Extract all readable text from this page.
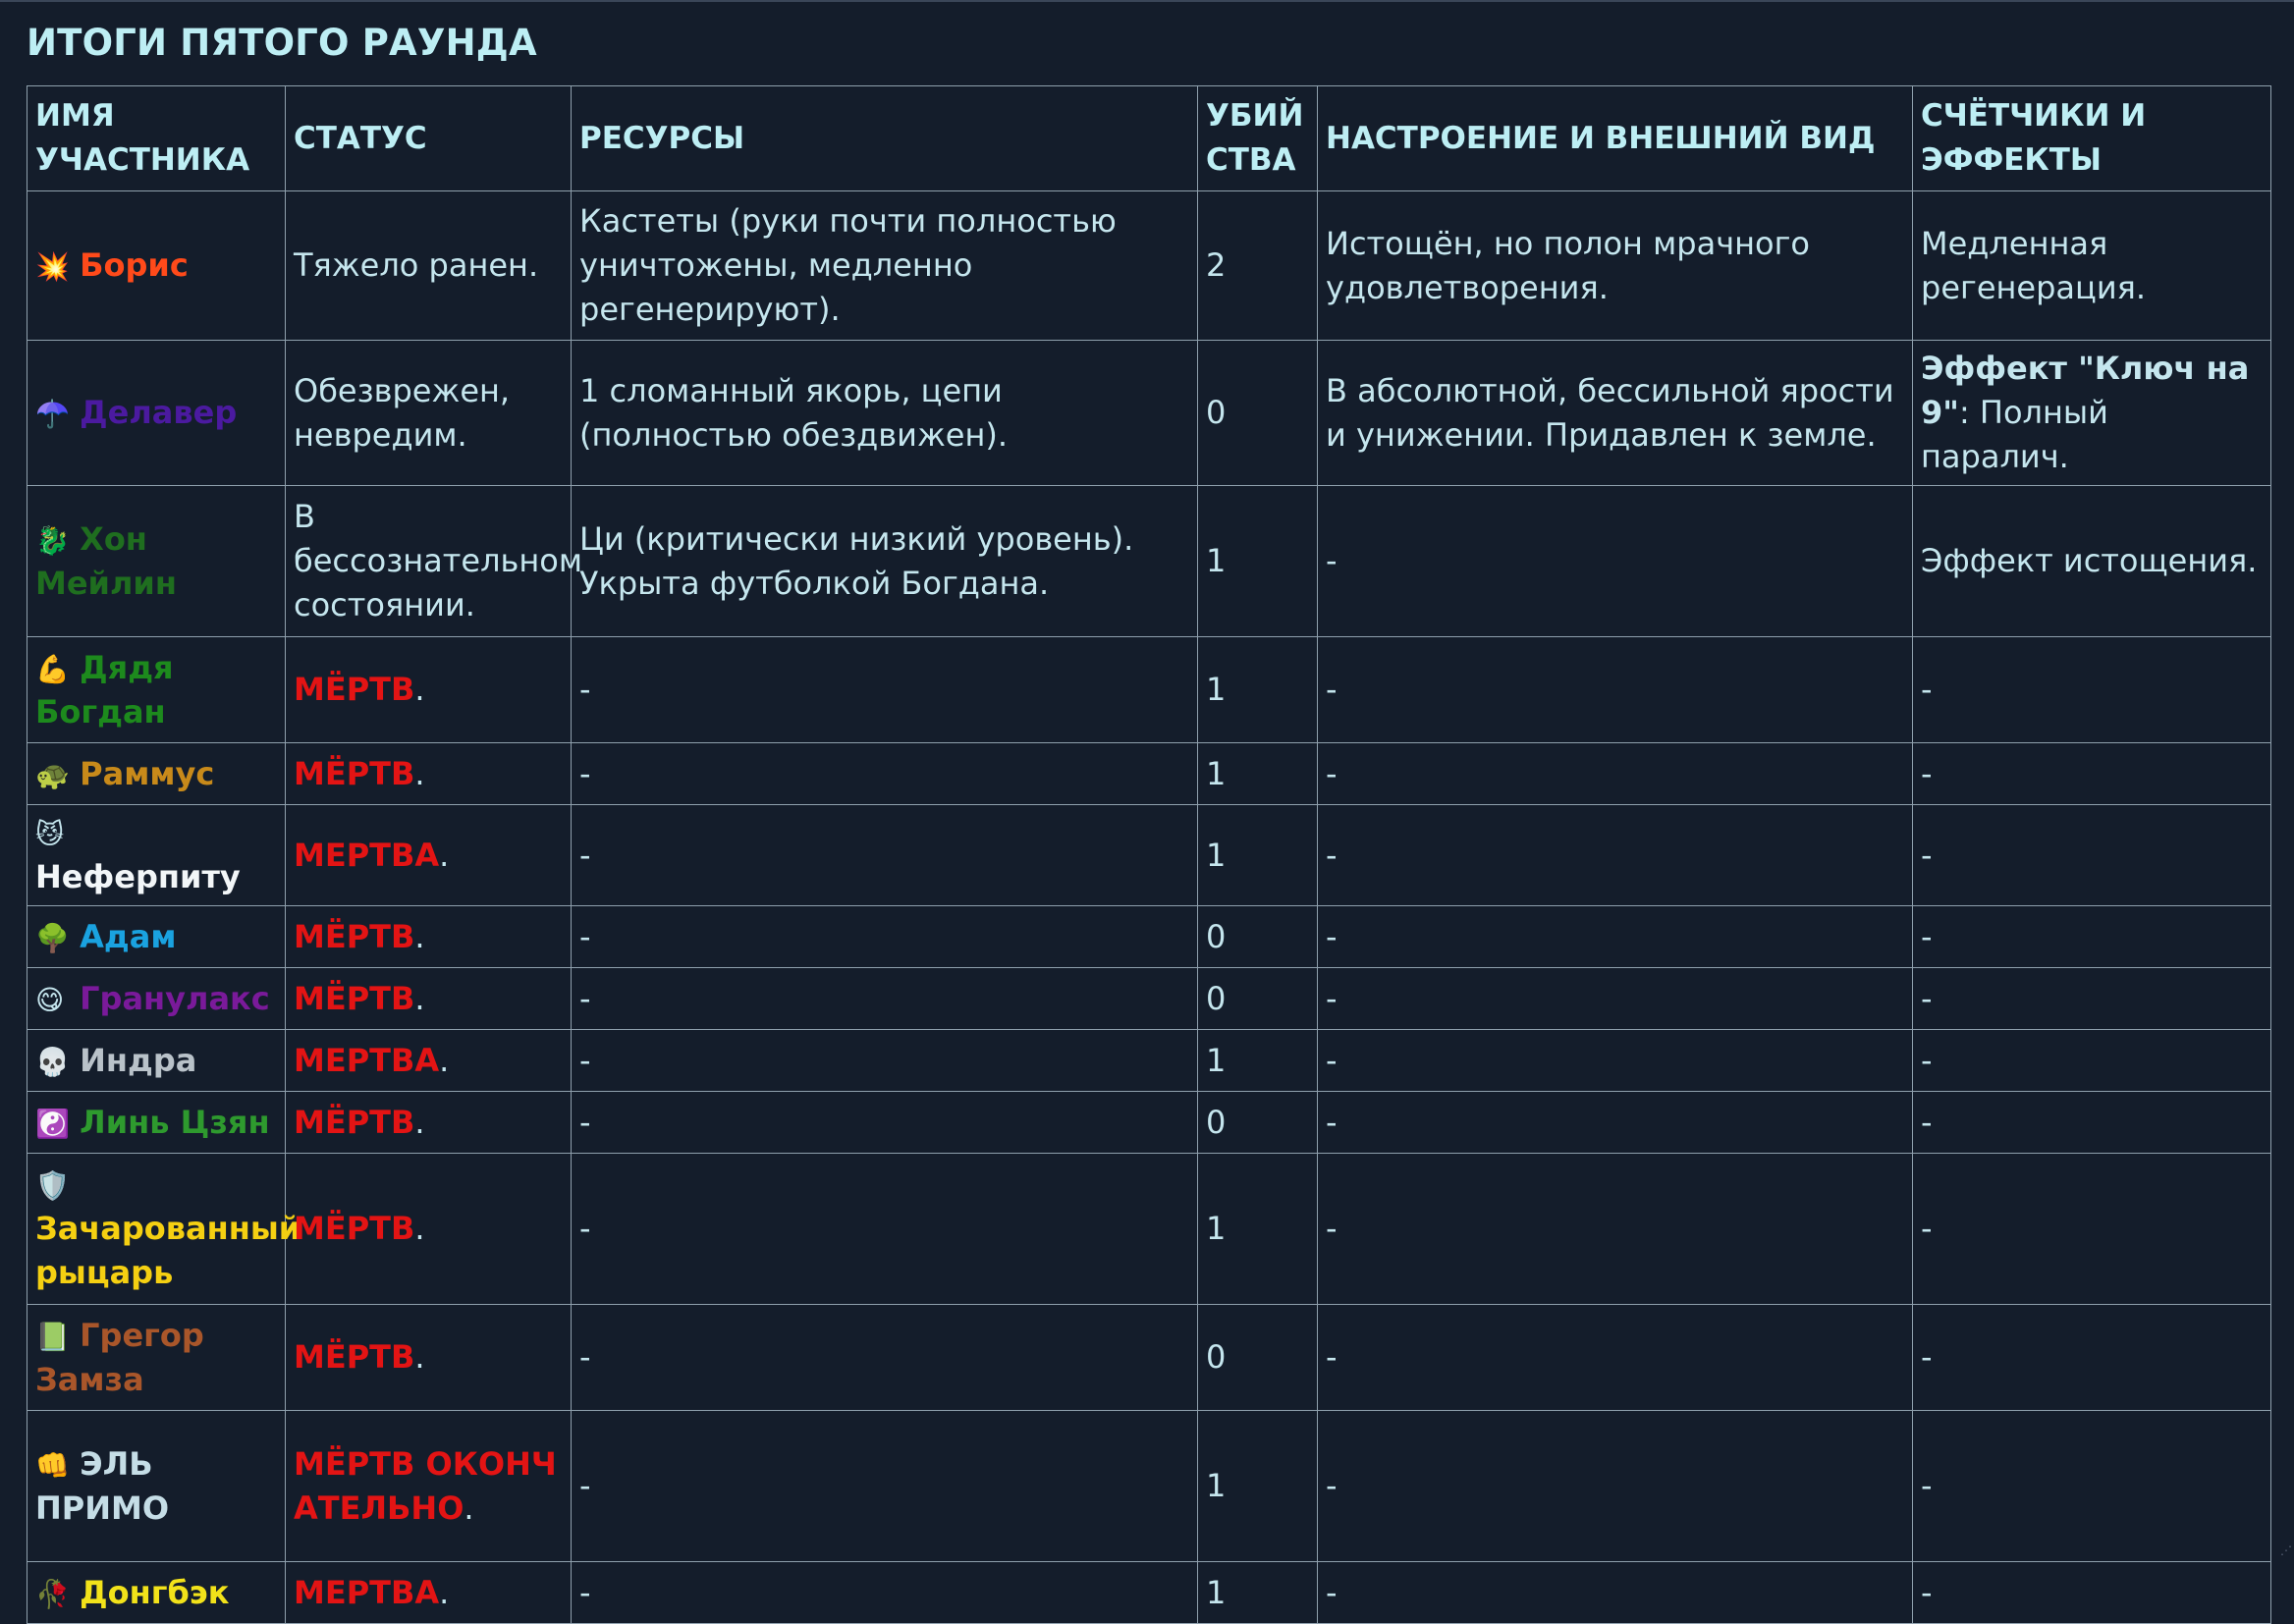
ИТОГИ ПЯТОГО РАУНДА
ИМЯ УЧАСТНИКА	СТАТУС	РЕСУРСЫ	УБИЙСТВА	НАСТРОЕНИЕ И ВНЕШНИЙ ВИД	СЧЁТЧИКИ И ЭФФЕКТЫ
💥 Борис	Тяжело ранен.	Кастеты (руки почти полностью уничтожены, медленно регенерируют).	2	Истощён, но полон мрачного удовлетворения.	Медленная регенерация.
☂️ Делавер	Обезврежен, невредим.	1 сломанный якорь, цепи (полностью обездвижен).	0	В абсолютной, бессильной ярости и унижении. Придавлен к земле.	Эффект "Ключ на 9": Полный паралич.
🐉 Хон Мейлин	В бессознательном состоянии.	Ци (критически низкий уровень). Укрыта футболкой Богдана.	1	-	Эффект истощения.
💪 Дядя Богдан	МЁРТВ.	-	1	-	-
🐢 Раммус	МЁРТВ.	-	1	-	-
😼 Неферпиту	МЕРТВА.	-	1	-	-
🌳 Адам	МЁРТВ.	-	0	-	-
😋 Гранулакс	МЁРТВ.	-	0	-	-
💀 Индра	МЕРТВА.	-	1	-	-
☯️ Линь Цзян	МЁРТВ.	-	0	-	-
🛡️ Зачарованный рыцарь	МЁРТВ.	-	1	-	-
📗 Грегор Замза	МЁРТВ.	-	0	-	-
👊 ЭЛЬ ПРИМО	МЁРТВ ОКОНЧАТЕЛЬНО.	-	1	-	-
🥀 Донгбэк	МЕРТВА.	-	1	-	-
⋰
